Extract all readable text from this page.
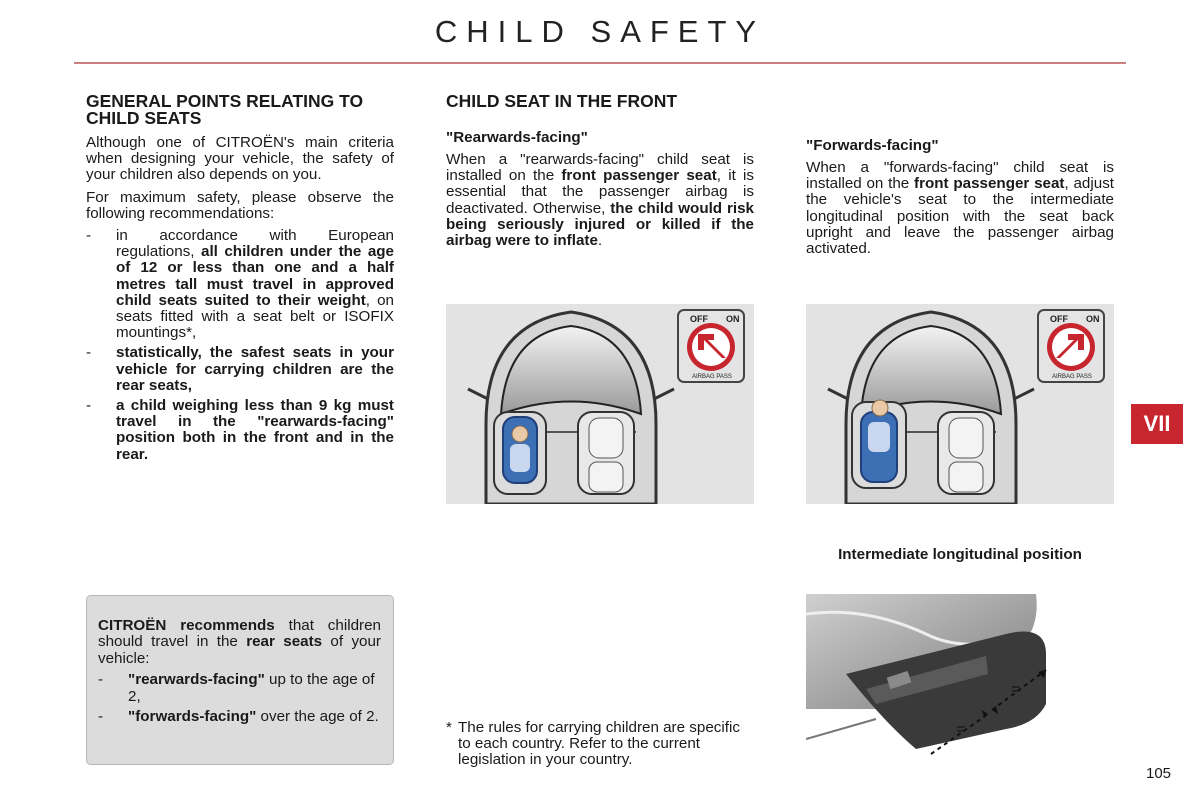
CHILD SAFETY
GENERAL POINTS RELATING TO CHILD SEATS

Although one of CITROËN's main criteria when designing your vehicle, the safety of your children also depends on you.

For maximum safety, please observe the following recommendations:

-	in accordance with European regulations, all children under the age of 12 or less than one and a half metres tall must travel in approved child seats suited to their weight, on seats fitted with a seat belt or ISOFIX mountings*,
-	statistically, the safest seats in your vehicle for carrying children are the rear seats,
-	a child weighing less than 9 kg must travel in the "rearwards-facing" position both in the front and in the rear.

CITROËN recommends that children should travel in the rear seats of your vehicle:

-	"rearwards-facing" up to the age of 2,
-	"forwards-facing" over the age of 2.
CHILD SEAT IN THE FRONT
"Rearwards-facing"

When a "rearwards-facing" child seat is installed on the front passenger seat, it is essential that the passenger airbag is deactivated. Otherwise, the child would risk being seriously injured or killed if the airbag were to inflate.

"Forwards-facing"

When a "forwards-facing" child seat is installed on the front passenger seat, adjust the vehicle's seat to the intermediate longitudinal position with the seat back upright and leave the passenger airbag activated.

OFF ON
AIRBAG PASS
OFF ON
AIRBAG PASS
VII
Intermediate longitudinal position
=
=
* The rules for carrying children are specific to each country. Refer to the current legislation in your country.
105
